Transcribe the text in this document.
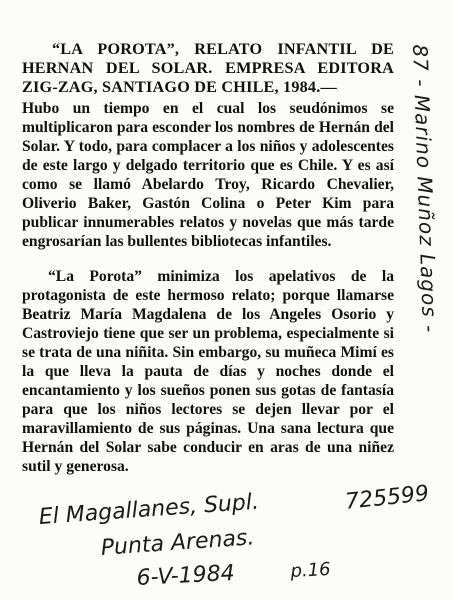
“LA POROTA”, RELATO INFANTIL DE HERNAN DEL SOLAR. EMPRESA EDITORA ZIG-ZAG, SANTIAGO DE CHILE, 1984.—

Hubo un tiempo en el cual los seudónimos se multiplicaron para esconder los nombres de Hernán del Solar. Y todo, para complacer a los niños y adolescentes de este largo y delgado territorio que es Chile. Y es así como se llamó Abelardo Troy, Ricardo Chevalier, Oliverio Baker, Gastón Colina o Peter Kim para publicar innumerables relatos y novelas que más tarde engrosarían las bullentes bibliotecas infantiles.

“La Porota” minimiza los apelativos de la protagonista de este hermoso relato; porque llamarse Beatriz María Magdalena de los Angeles Osorio y Castroviejo tiene que ser un problema, especialmente si se trata de una niñita. Sin embargo, su muñeca Mimí es la que lleva la pauta de días y noches donde el encantamiento y los sueños ponen sus gotas de fantasía para que los niños lectores se dejen llevar por el maravillamiento de sus páginas. Una sana lectura que Hernán del Solar sabe conducir en aras de una niñez sutil y generosa.

87 - Marino Muñoz Lagos -
El Magallanes, Supl.	725599
Punta Arenas.
6-V-1984	p.16
